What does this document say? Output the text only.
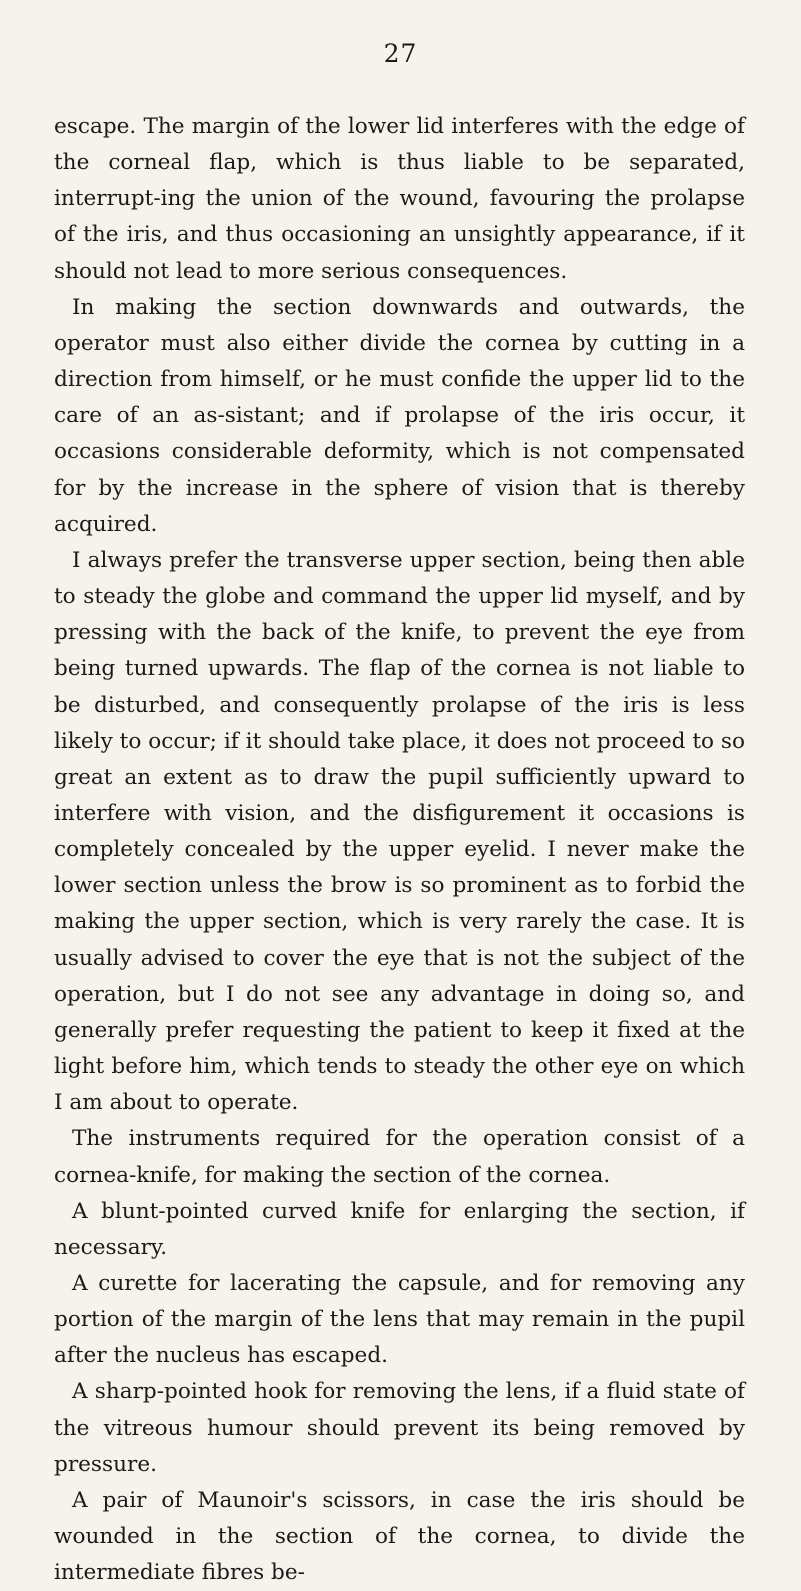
27

escape. The margin of the lower lid interferes with the edge of the corneal flap, which is thus liable to be separated, interrupt-ing the union of the wound, favouring the prolapse of the iris, and thus occasioning an unsightly appearance, if it should not lead to more serious consequences.

In making the section downwards and outwards, the operator must also either divide the cornea by cutting in a direction from himself, or he must confide the upper lid to the care of an as-sistant; and if prolapse of the iris occur, it occasions considerable deformity, which is not compensated for by the increase in the sphere of vision that is thereby acquired.

I always prefer the transverse upper section, being then able to steady the globe and command the upper lid myself, and by pressing with the back of the knife, to prevent the eye from being turned upwards. The flap of the cornea is not liable to be disturbed, and consequently prolapse of the iris is less likely to occur; if it should take place, it does not proceed to so great an extent as to draw the pupil sufficiently upward to interfere with vision, and the disfigurement it occasions is completely concealed by the upper eyelid. I never make the lower section unless the brow is so prominent as to forbid the making the upper section, which is very rarely the case. It is usually advised to cover the eye that is not the subject of the operation, but I do not see any advantage in doing so, and generally prefer requesting the patient to keep it fixed at the light before him, which tends to steady the other eye on which I am about to operate.

The instruments required for the operation consist of a cornea-knife, for making the section of the cornea.

A blunt-pointed curved knife for enlarging the section, if necessary.

A curette for lacerating the capsule, and for removing any portion of the margin of the lens that may remain in the pupil after the nucleus has escaped.

A sharp-pointed hook for removing the lens, if a fluid state of the vitreous humour should prevent its being removed by pressure.

A pair of Maunoir's scissors, in case the iris should be wounded in the section of the cornea, to divide the intermediate fibres be-
